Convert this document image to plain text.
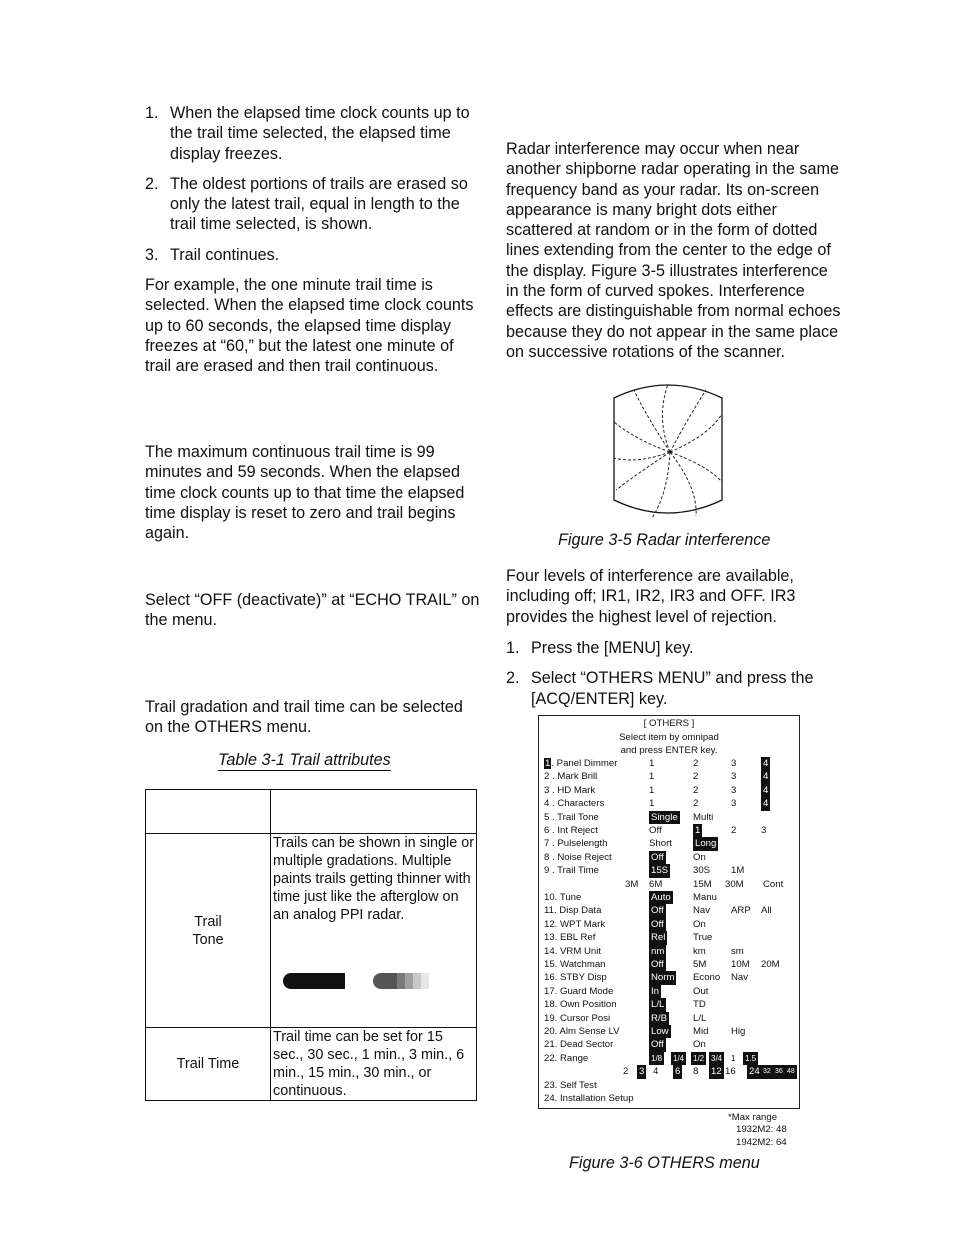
1. When the elapsed time clock counts up to the trail time selected, the elapsed time display freezes.
2. The oldest portions of trails are erased so only the latest trail, equal in length to the trail time selected, is shown.
3. Trail continues.

For example, the one minute trail time is selected. When the elapsed time clock counts up to 60 seconds, the elapsed time display freezes at “60,” but the latest one minute of trail are erased and then trail continuous.

The maximum continuous trail time is 99 minutes and 59 seconds. When the elapsed time clock counts up to that time the elapsed time display is reset to zero and trail begins again.

Select “OFF (deactivate)” at “ECHO TRAIL” on the menu.

Trail gradation and trail time can be selected on the OTHERS menu.

Table 3-1 Trail attributes

Trail
Tone	Trails can be shown in single or multiple gradations. Multiple paints trails getting thinner with time just like the afterglow on an analog PPI radar.

Trail Time	Trail time can be set for 15 sec., 30 sec., 1 min., 3 min., 6 min., 15 min., 30 min., or continuous.

Radar interference may occur when near another shipborne radar operating in the same frequency band as your radar. Its on-screen appearance is many bright dots either scattered at random or in the form of dotted lines extending from the center to the edge of the display. Figure 3-5 illustrates interference in the form of curved spokes. Interference effects are distinguishable from normal echoes because they do not appear in the same place on successive rotations of the scanner.

Figure 3-5 Radar interference

Four levels of interference are available, including off; IR1, IR2, IR3 and OFF. IR3 provides the highest level of rejection.

1. Press the [MENU] key.
2. Select “OTHERS MENU” and press the [ACQ/ENTER] key.
[ OTHERS ]
Select item by omnipad
and press ENTER key.
1. Panel Dimmer	1	2	3	4
2 . Mark Brill	1	2	3	4
3 . HD Mark	1	2	3	4
4 . Characters	1	2	3	4
5 . Trail Tone	Single Multi
6 . Int Reject	Off	1	2	3
7 . Pulselength	Short Long
8 . Noise Reject	Off	On
9 . Trail Time	15S	30S 1M
3M 6M	15M 30M Cont
10. Tune	Auto Manu
11. Disp Data	Off	Nav ARP All
12. WPT Mark	Off	On
13. EBL Ref	Rel	True
14. VRM Unit	nm	km	sm
15. Watchman	Off	5M	10M 20M
16. STBY Disp	Norm Econo Nav
17. Guard Mode	In	Out
18. Own Position	L/L	TD
19. Cursor Posi	R/B	L/L
20. Alm Sense LV	Low	Mid Hig
21. Dead Sector	Off	On
22. Range	1/8 1/4 1/2 3/4 1 1.5
2 3 4 6 8 12 16 24 32 36 48
23. Self Test
24. Installation Setup
*Max range
1932M2: 48
1942M2: 64
Figure 3-6 OTHERS menu
